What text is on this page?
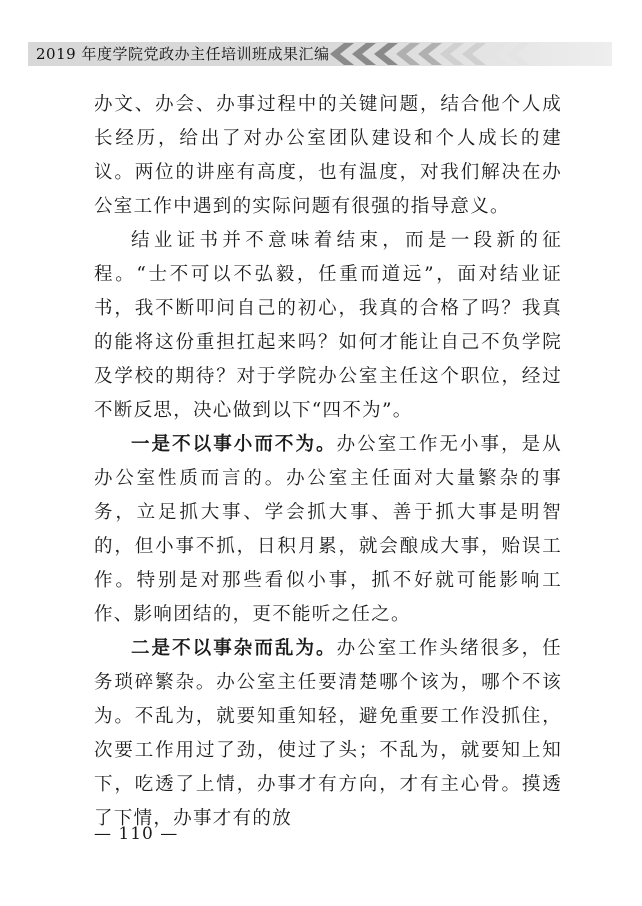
2019 年度学院党政办主任培训班成果汇编

办文、办会、办事过程中的关键问题，结合他个人成长经历，给出了对办公室团队建设和个人成长的建议。两位的讲座有高度，也有温度，对我们解决在办公室工作中遇到的实际问题有很强的指导意义。

结业证书并不意味着结束，而是一段新的征程。“士不可以不弘毅，任重而道远”，面对结业证书，我不断叩问自己的初心，我真的合格了吗？我真的能将这份重担扛起来吗？如何才能让自己不负学院及学校的期待？对于学院办公室主任这个职位，经过不断反思，决心做到以下“四不为”。

一是不以事小而不为。办公室工作无小事，是从办公室性质而言的。办公室主任面对大量繁杂的事务，立足抓大事、学会抓大事、善于抓大事是明智的，但小事不抓，日积月累，就会酿成大事，贻误工作。特别是对那些看似小事，抓不好就可能影响工作、影响团结的，更不能听之任之。

二是不以事杂而乱为。办公室工作头绪很多，任务琐碎繁杂。办公室主任要清楚哪个该为，哪个不该为。不乱为，就要知重知轻，避免重要工作没抓住，次要工作用过了劲，使过了头；不乱为，就要知上知下，吃透了上情，办事才有方向，才有主心骨。摸透了下情，办事才有的放

— 110 —
